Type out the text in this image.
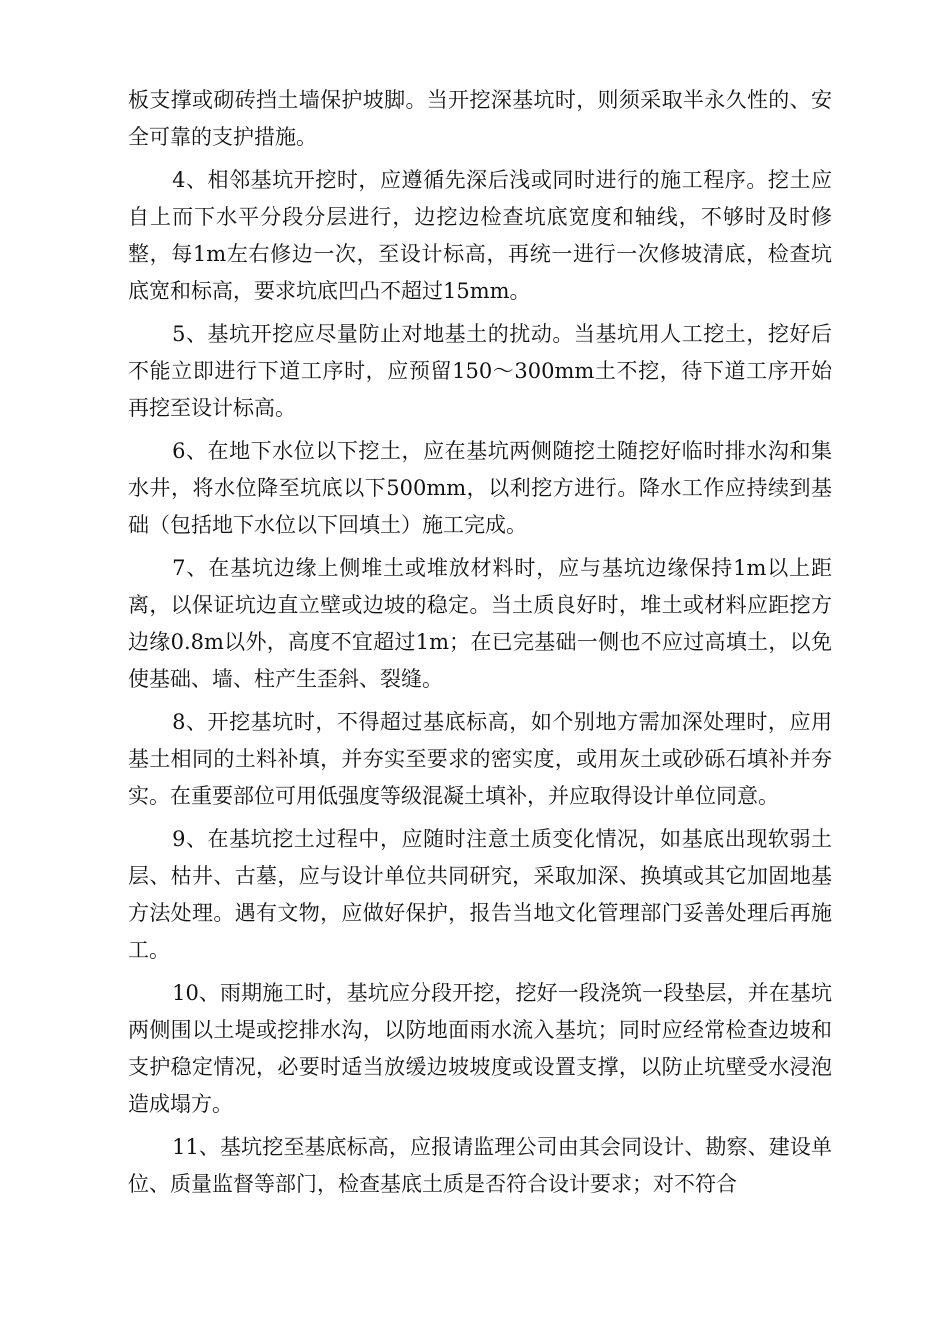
板支撑或砌砖挡土墙保护坡脚。当开挖深基坑时，则须采取半永久性的、安全可靠的支护措施。

4、相邻基坑开挖时，应遵循先深后浅或同时进行的施工程序。挖土应自上而下水平分段分层进行，边挖边检查坑底宽度和轴线，不够时及时修整，每1m左右修边一次，至设计标高，再统一进行一次修坡清底，检查坑底宽和标高，要求坑底凹凸不超过15mm。

5、基坑开挖应尽量防止对地基土的扰动。当基坑用人工挖土，挖好后不能立即进行下道工序时，应预留150～300mm土不挖，待下道工序开始再挖至设计标高。

6、在地下水位以下挖土，应在基坑两侧随挖土随挖好临时排水沟和集水井，将水位降至坑底以下500mm，以利挖方进行。降水工作应持续到基础（包括地下水位以下回填土）施工完成。

7、在基坑边缘上侧堆土或堆放材料时，应与基坑边缘保持1m以上距离，以保证坑边直立壁或边坡的稳定。当土质良好时，堆土或材料应距挖方边缘0.8m以外，高度不宜超过1m；在已完基础一侧也不应过高填土，以免使基础、墙、柱产生歪斜、裂缝。

8、开挖基坑时，不得超过基底标高，如个别地方需加深处理时，应用基土相同的土料补填，并夯实至要求的密实度，或用灰土或砂砾石填补并夯实。在重要部位可用低强度等级混凝土填补，并应取得设计单位同意。

9、在基坑挖土过程中，应随时注意土质变化情况，如基底出现软弱土层、枯井、古墓，应与设计单位共同研究，采取加深、换填或其它加固地基方法处理。遇有文物，应做好保护，报告当地文化管理部门妥善处理后再施工。

10、雨期施工时，基坑应分段开挖，挖好一段浇筑一段垫层，并在基坑两侧围以土堤或挖排水沟，以防地面雨水流入基坑；同时应经常检查边坡和支护稳定情况，必要时适当放缓边坡坡度或设置支撑，以防止坑壁受水浸泡造成塌方。

11、基坑挖至基底标高，应报请监理公司由其会同设计、勘察、建设单位、质量监督等部门，检查基底土质是否符合设计要求；对不符合
